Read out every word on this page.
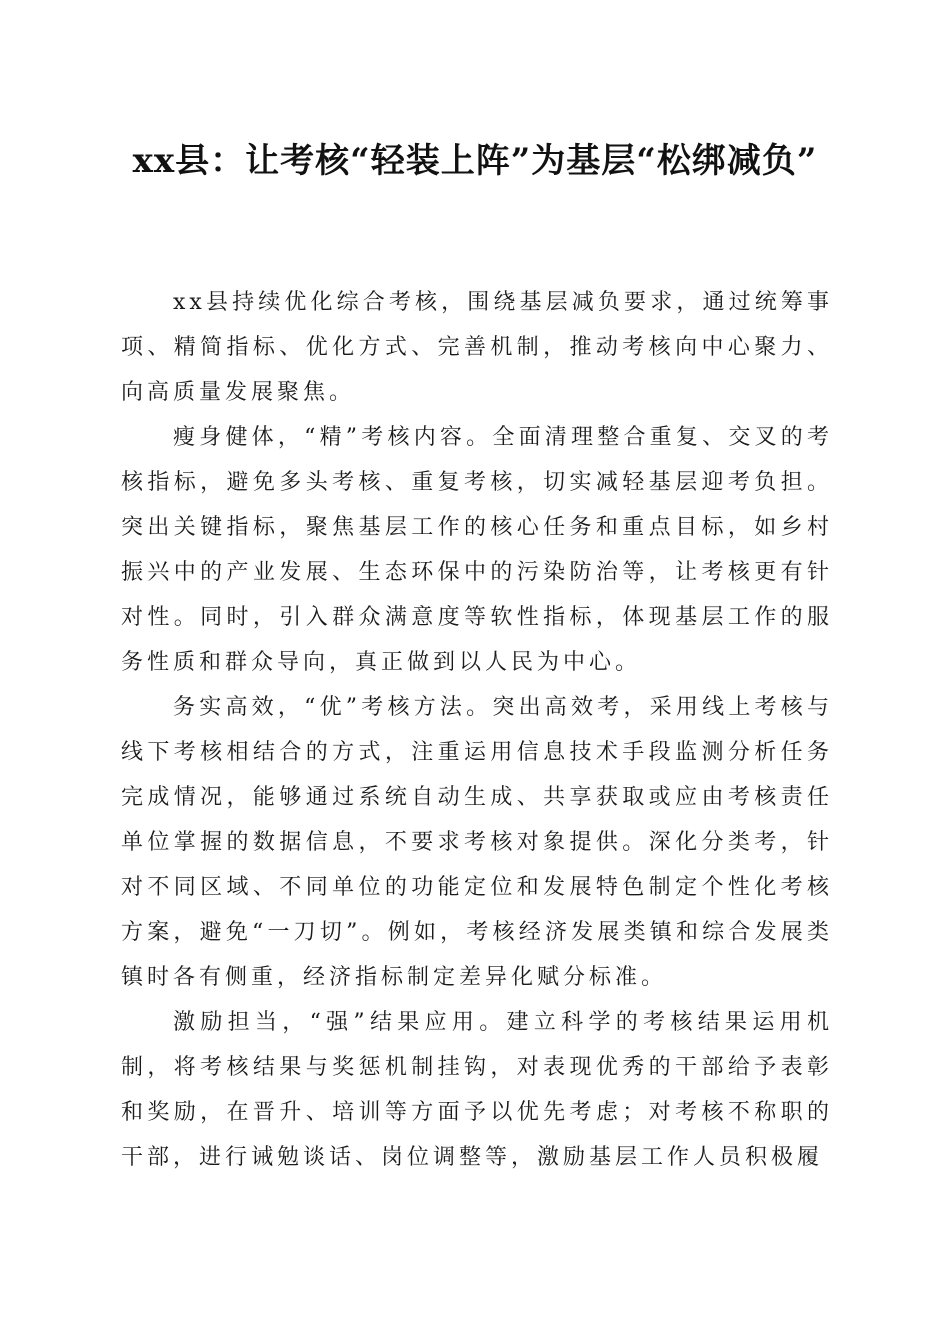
xx县：让考核“轻装上阵”为基层“松绑减负”

xx县持续优化综合考核，围绕基层减负要求，通过统筹事项、精简指标、优化方式、完善机制，推动考核向中心聚力、向高质量发展聚焦。

瘦身健体，“精”考核内容。全面清理整合重复、交叉的考核指标，避免多头考核、重复考核，切实减轻基层迎考负担。突出关键指标，聚焦基层工作的核心任务和重点目标，如乡村振兴中的产业发展、生态环保中的污染防治等，让考核更有针对性。同时，引入群众满意度等软性指标，体现基层工作的服务性质和群众导向，真正做到以人民为中心。

务实高效，“优”考核方法。突出高效考，采用线上考核与线下考核相结合的方式，注重运用信息技术手段监测分析任务完成情况，能够通过系统自动生成、共享获取或应由考核责任单位掌握的数据信息，不要求考核对象提供。深化分类考，针对不同区域、不同单位的功能定位和发展特色制定个性化考核方案，避免“一刀切”。例如，考核经济发展类镇和综合发展类镇时各有侧重，经济指标制定差异化赋分标准。

激励担当，“强”结果应用。建立科学的考核结果运用机制，将考核结果与奖惩机制挂钩，对表现优秀的干部给予表彰和奖励，在晋升、培训等方面予以优先考虑；对考核不称职的干部，进行诫勉谈话、岗位调整等，激励基层工作人员积极履
